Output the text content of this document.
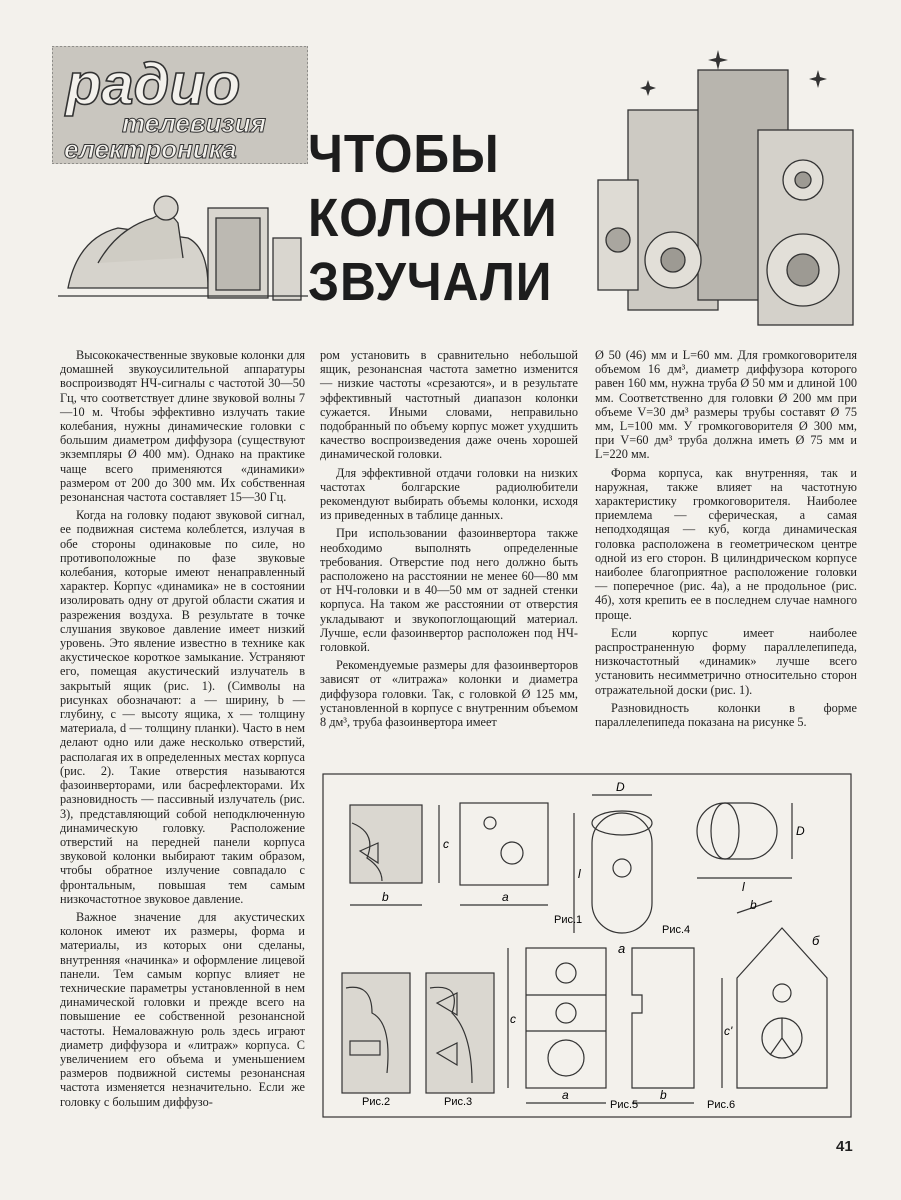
радио
телевизия
електроника ЧТОБЫ
КОЛОНКИ
ЗВУЧАЛИ

Высококачественные звуковые колонки для домашней звукоусилительной аппаратуры воспроизводят НЧ-сигналы с частотой 30—50 Гц, что соответствует длине звуковой волны 7—10 м. Чтобы эффективно излучать такие колебания, нужны динамические головки с большим диаметром диффузора (существуют экземпляры Ø 400 мм). Однако на практике чаще всего применяются «динамики» размером от 200 до 300 мм. Их собственная резонансная частота составляет 15—30 Гц.

Когда на головку подают звуковой сигнал, ее подвижная система колеблется, излучая в обе стороны одинаковые по силе, но противоположные по фазе звуковые колебания, которые имеют ненаправленный характер. Корпус «динамика» не в состоянии изолировать одну от другой области сжатия и разрежения воздуха. В результате в точке слушания звуковое давление имеет низкий уровень. Это явление известно в технике как акустическое короткое замыкание. Устраняют его, помещая акустический излучатель в закрытый ящик (рис. 1). (Символы на рисунках обозначают: a — ширину, b — глубину, c — высоту ящика, x — толщину материала, d — толщину планки). Часто в нем делают одно или даже несколько отверстий, располагая их в определенных местах корпуса (рис. 2). Такие отверстия называются фазоинверторами, или басрефлекторами. Их разновидность — пассивный излучатель (рис. 3), представляющий собой неподключенную динамическую головку. Расположение отверстий на передней панели корпуса звуковой колонки выбирают таким образом, чтобы обратное излучение совпадало с фронтальным, повышая тем самым низкочастотное звуковое давление.

Важное значение для акустических колонок имеют их размеры, форма и материалы, из которых они сделаны, внутренняя «начинка» и оформление лицевой панели. Тем самым корпус влияет не технические параметры установленной в нем динамической головки и прежде всего на повышение ее собственной резонансной частоты. Немаловажную роль здесь играют диаметр диффузора и «литраж» корпуса. С увеличением его объема и уменьшением размеров подвижной системы резонансная частота изменяется незначительно. Если же головку с большим диффузо-

ром установить в сравнительно небольшой ящик, резонансная частота заметно изменится — низкие частоты «срезаются», и в результате эффективный частотный диапазон колонки сужается. Иными словами, неправильно подобранный по объему корпус может ухудшить качество воспроизведения даже очень хорошей динамической головки.

Для эффективной отдачи головки на низких частотах болгарские радиолюбители рекомендуют выбирать объемы колонки, исходя из приведенных в таблице данных.

При использовании фазоинвертора также необходимо выполнять определенные требования. Отверстие под него должно быть расположено на расстоянии не менее 60—80 мм от НЧ-головки и в 40—50 мм от задней стенки корпуса. На таком же расстоянии от отверстия укладывают и звукопоглощающий материал. Лучше, если фазоинвертор расположен под НЧ-головкой.

Рекомендуемые размеры для фазоинверторов зависят от «литража» колонки и диаметра диффузора головки. Так, с головкой Ø 125 мм, установленной в корпусе с внутренним объемом 8 дм³, труба фазоинвертора имеет

Ø 50 (46) мм и L=60 мм. Для громкоговорителя объемом 16 дм³, диаметр диффузора которого равен 160 мм, нужна труба Ø 50 мм и длиной 100 мм. Соответственно для головки Ø 200 мм при объеме V=30 дм³ размеры трубы составят Ø 75 мм, L=100 мм. У громкоговорителя Ø 300 мм, при V=60 дм³ труба должна иметь Ø 75 мм и L=220 мм.

Форма корпуса, как внутренняя, так и наружная, также влияет на частотную характеристику громкоговорителя. Наиболее приемлема — сферическая, а самая неподходящая — куб, когда динамическая головка расположена в геометрическом центре одной из его сторон. В цилиндрическом корпусе наиболее благоприятное расположение головки — поперечное (рис. 4а), а не продольное (рис. 4б), хотя крепить ее в последнем случае намного проще.

Если корпус имеет наиболее распространенную форму параллелепипеда, низкочастотный «динамик» лучше всего установить несимметрично относительно сторон отражательной доски (рис. 1).

Разновидность колонки в форме параллелепипеда показана на рисунке 5.

b	a
c
Рис.1
D
l
l
D
а
б
Рис.4
Рис.2	Рис.3
c
a	b
Рис.5
c'
b
Рис.6
41
